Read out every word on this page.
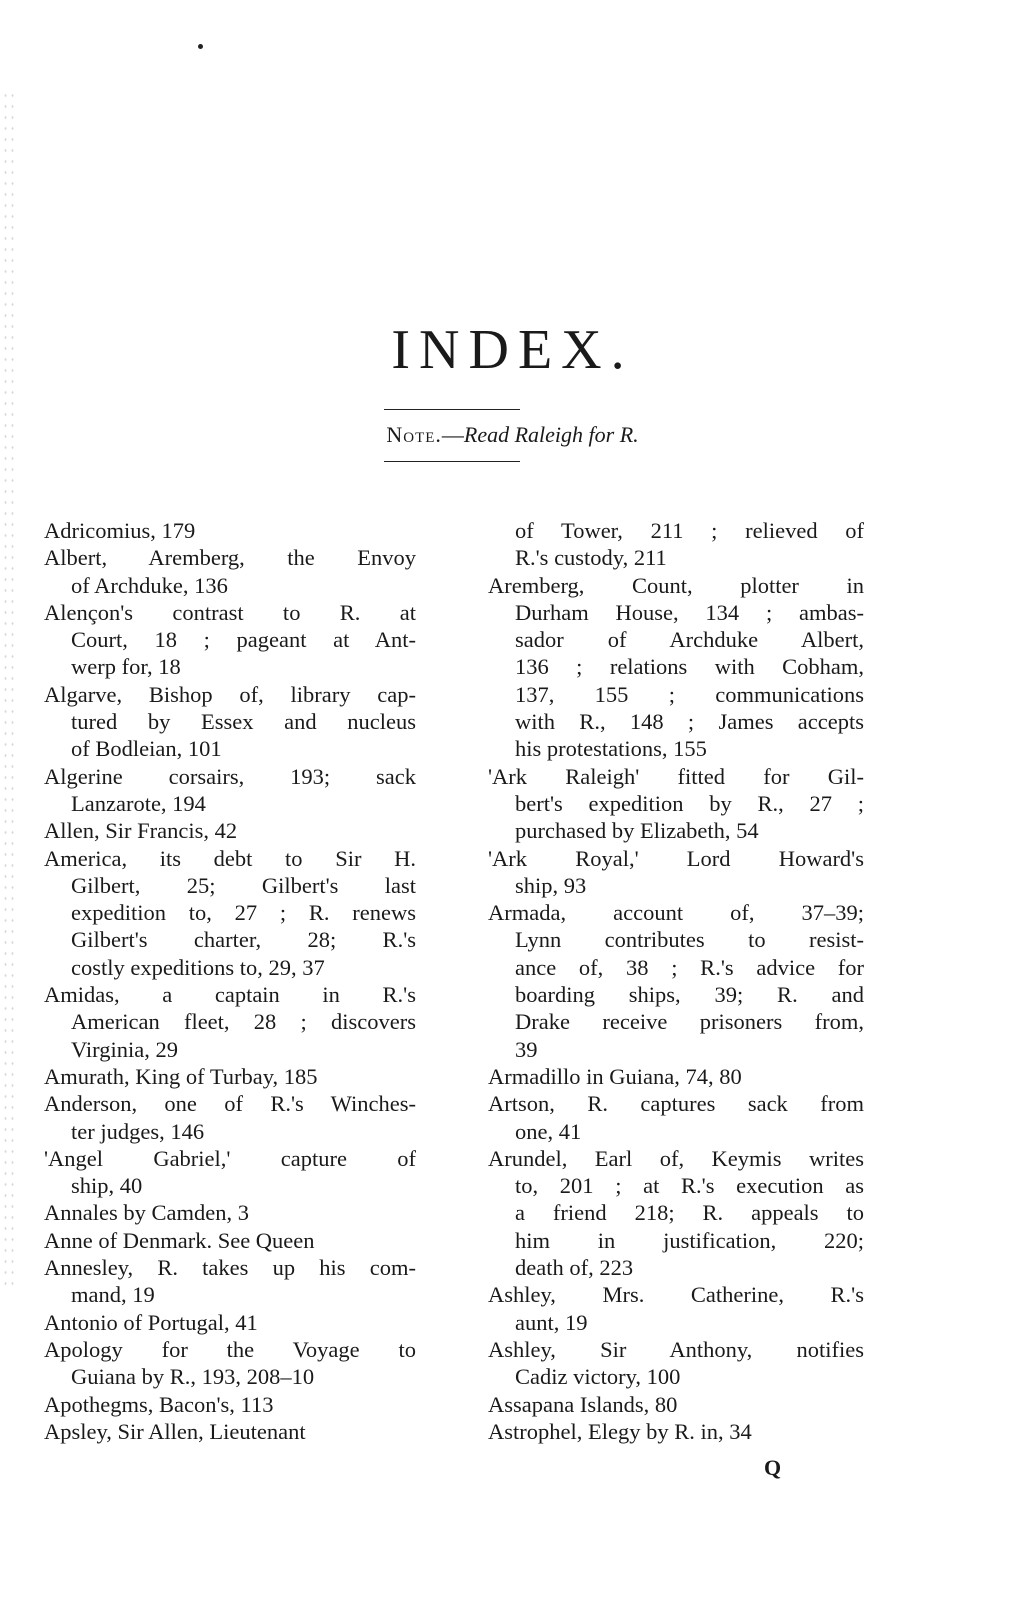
INDEX.
Note.—Read Raleigh for R.
Adricomius, 179
Albert, Aremberg, the Envoy
of Archduke, 136
Alençon's contrast to R. at
Court, 18 ; pageant at Ant-
werp for, 18
Algarve, Bishop of, library cap-
tured by Essex and nucleus
of Bodleian, 101
Algerine corsairs, 193; sack
Lanzarote, 194
Allen, Sir Francis, 42
America, its debt to Sir H.
Gilbert, 25; Gilbert's last
expedition to, 27 ; R. renews
Gilbert's charter, 28; R.'s
costly expeditions to, 29, 37
Amidas, a captain in R.'s
American fleet, 28 ; discovers
Virginia, 29
Amurath, King of Turbay, 185
Anderson, one of R.'s Winches-
ter judges, 146
'Angel Gabriel,' capture of
ship, 40
Annales by Camden, 3
Anne of Denmark. See Queen
Annesley, R. takes up his com-
mand, 19
Antonio of Portugal, 41
Apology for the Voyage to
Guiana by R., 193, 208–10
Apothegms, Bacon's, 113
Apsley, Sir Allen, Lieutenant
of Tower, 211 ; relieved of
R.'s custody, 211
Aremberg, Count, plotter in
Durham House, 134 ; ambas-
sador of Archduke Albert,
136 ; relations with Cobham,
137, 155 ; communications
with R., 148 ; James accepts
his protestations, 155
'Ark Raleigh' fitted for Gil-
bert's expedition by R., 27 ;
purchased by Elizabeth, 54
'Ark Royal,' Lord Howard's
ship, 93
Armada, account of, 37–39;
Lynn contributes to resist-
ance of, 38 ; R.'s advice for
boarding ships, 39; R. and
Drake receive prisoners from,
39
Armadillo in Guiana, 74, 80
Artson, R. captures sack from
one, 41
Arundel, Earl of, Keymis writes
to, 201 ; at R.'s execution as
a friend 218; R. appeals to
him in justification, 220;
death of, 223
Ashley, Mrs. Catherine, R.'s
aunt, 19
Ashley, Sir Anthony, notifies
Cadiz victory, 100
Assapana Islands, 80
Astrophel, Elegy by R. in, 34
Q
